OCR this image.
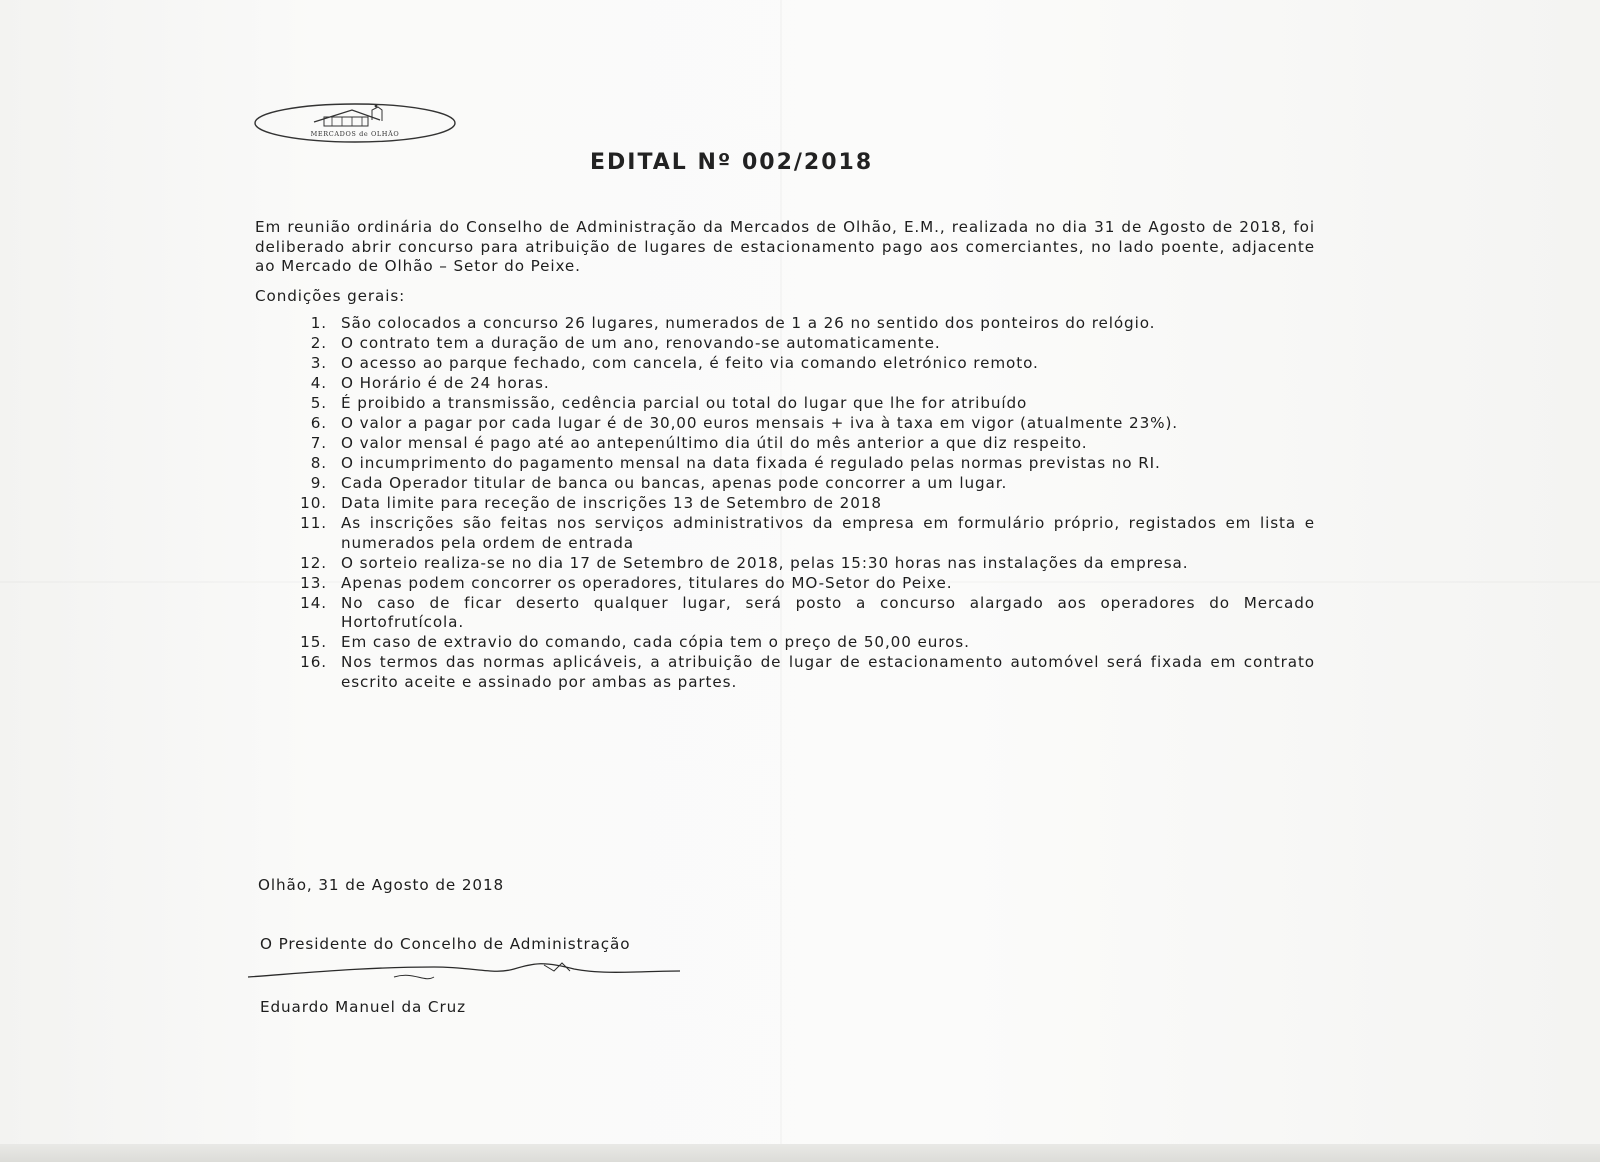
MERCADOS de OLHÃO
EDITAL Nº 002/2018

Em reunião ordinária do Conselho de Administração da Mercados de Olhão, E.M., realizada no dia 31 de Agosto de 2018, foi deliberado abrir concurso para atribuição de lugares de estacionamento pago aos comerciantes, no lado poente, adjacente ao Mercado de Olhão – Setor do Peixe.

Condições gerais:
1. São colocados a concurso 26 lugares, numerados de 1 a 26 no sentido dos ponteiros do relógio.
2. O contrato tem a duração de um ano, renovando-se automaticamente.
3. O acesso ao parque fechado, com cancela, é feito via comando eletrónico remoto.
4. O Horário é de 24 horas.
5. É proibido a transmissão, cedência parcial ou total do lugar que lhe for atribuído
6. O valor a pagar por cada lugar é de 30,00 euros mensais + iva à taxa em vigor (atualmente 23%).
7. O valor mensal é pago até ao antepenúltimo dia útil do mês anterior a que diz respeito.
8. O incumprimento do pagamento mensal na data fixada é regulado pelas normas previstas no RI.
9. Cada Operador titular de banca ou bancas, apenas pode concorrer a um lugar.
10. Data limite para receção de inscrições 13 de Setembro de 2018
11. As inscrições são feitas nos serviços administrativos da empresa em formulário próprio, registados em lista e numerados pela ordem de entrada
12. O sorteio realiza-se no dia 17 de Setembro de 2018, pelas 15:30 horas nas instalações da empresa.
13. Apenas podem concorrer os operadores, titulares do MO-Setor do Peixe.
14. No caso de ficar deserto qualquer lugar, será posto a concurso alargado aos operadores do Mercado Hortofrutícola.
15. Em caso de extravio do comando, cada cópia tem o preço de 50,00 euros.
16. Nos termos das normas aplicáveis, a atribuição de lugar de estacionamento automóvel será fixada em contrato escrito aceite e assinado por ambas as partes.
Olhão, 31 de Agosto de 2018
O Presidente do Concelho de Administração
Eduardo Manuel da Cruz
